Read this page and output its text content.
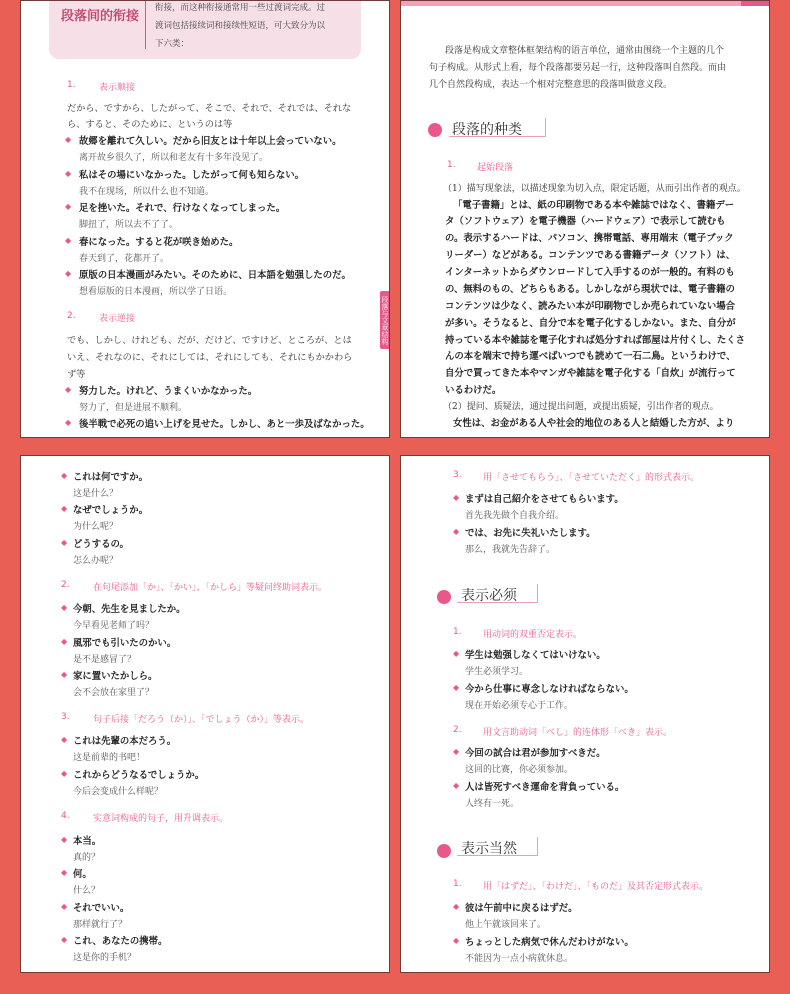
段落间的衔接
衔接，而这种衔接通常用一些过渡词完成。过
渡词包括接续词和接续性短语，可大致分为以
下六类：
1.	表示顺接
だから、ですから、したがって、そこで、それで、それでは、それな
ら、すると、そのために、というのは等
◆ 故郷を離れて久しい。だから旧友とは十年以上会っていない。
离开故乡很久了，所以和老友有十多年没见了。
◆ 私はその場にいなかった。したがって何も知らない。
我不在现场，所以什么也不知道。
◆ 足を挫いた。それで、行けなくなってしまった。
脚扭了，所以去不了了。
◆ 春になった。すると花が咲き始めた。
春天到了，花都开了。
◆ 原版の日本漫画がみたい。そのために、日本語を勉强したのだ。
想看原版的日本漫画，所以学了日语。
2.	表示逆接
でも、しかし、けれども、だが、だけど、ですけど、ところが、とは
いえ、それなのに、それにしては、それにしても、それにもかかわら
ず等
◆ 努力した。けれど、うまくいかなかった。
努力了，但是进展不顺利。
◆ 後半戦で必死の追い上げを見せた。しかし、あと一歩及ばなかった。
段落与文章结构
段落是构成文章整体框架结构的语言单位，通常由围绕一个主题的几个
句子构成。从形式上看，每个段落都要另起一行，这种段落叫自然段。而由
几个自然段构成，表达一个相对完整意思的段落叫做意义段。
段落的种类
1. 起始段落
（1）描写现象法，以描述现象为切入点，限定话题，从而引出作者的观点。
「電子書籍」とは、紙の印刷物である本や雑誌ではなく、書籍デー
タ（ソフトウェア）を電子機器（ハードウェア）で表示して読むも
の。表示するハードは、パソコン、携帯電話、専用端末（電子ブック
リーダー）などがある。コンテンツである書籍データ（ソフト）は、
インターネットからダウンロードして入手するのが一般的。有料のも
の、無料のもの、どちらもある。しかしながら現状では、電子書籍の
コンテンツは少なく、読みたい本が印刷物でしか売られていない場合
が多い。そうなると、自分で本を電子化するしかない。また、自分が
持っている本や雑誌を電子化すれば処分すれば部屋は片付くし、たくさ
んの本を端末で持ち運べばいつでも読めて一石二鳥。というわけで、
自分で買ってきた本やマンガや雑誌を電子化する「自炊」が流行って
いるわけだ。
（2）提问、质疑法，通过提出问题，或提出质疑，引出作者的观点。
女性は、お金がある人や社会的地位のある人と結婚した方が、より
◆ これは何ですか。
这是什么？
◆ なぜでしょうか。
为什么呢？
◆ どうするの。
怎么办呢？
2.	在句尾添加「か」、「かい」、「かしら」等疑问终助词表示。
◆ 今朝、先生を見ましたか。
今早看见老师了吗？
◆ 風邪でも引いたのかい。
是不是感冒了？
◆ 家に置いたかしら。
会不会放在家里了？
3.	句子后接「だろう（か）」、「でしょう（か）」等表示。
◆ これは先輩の本だろう。
这是前辈的书吧！
◆ これからどうなるでしょうか。
今后会变成什么样呢？
4.	实意词构成的句子，用升调表示。
◆ 本当。
真的？
◆ 何。
什么？
◆ それでいい。
那样就行了？
◆ これ、あなたの携帯。
这是你的手机？
3. 用「させてもらう」、「させていただく」的形式表示。
◆ まずは自己紹介をさせてもらいます。
首先我先做个自我介绍。
◆ では、お先に失礼いたします。
那么，我就先告辞了。
表示必须
1. 用动词的双重否定表示。
◆ 学生は勉强しなくてはいけない。
学生必须学习。
◆ 今から仕事に専念しなければならない。
现在开始必须专心于工作。
2. 用文言助动词「べし」的连体形「べき」表示。
◆ 今回の試合は君が参加すべきだ。
这回的比赛，你必须参加。
◆ 人は皆死すべき運命を背負っている。
人终有一死。
表示当然
1. 用「はずだ」、「わけだ」、「ものだ」及其否定形式表示。
◆ 彼は午前中に戻るはずだ。
他上午就该回来了。
◆ ちょっとした病気で休んだわけがない。
不能因为一点小病就休息。
